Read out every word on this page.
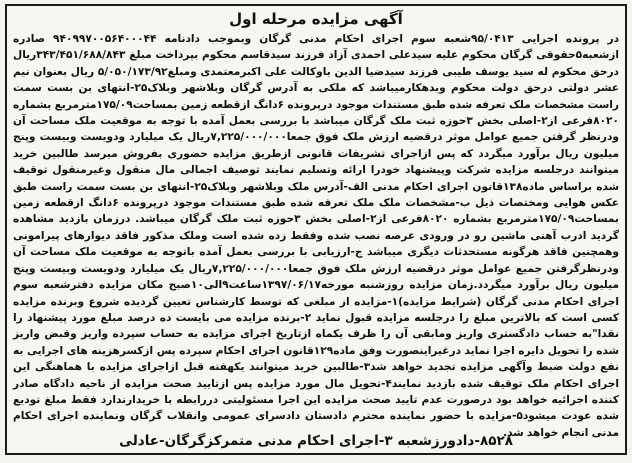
آگهی مزایده مرحله اول
در پرونده اجرایی ۹۵/۰۴۱۳شعبه سوم اجرای احکام مدنی گرگان وبموجب دادنامه ۹۴۰۹۹۷۰۰۵۶۴۰۰۰۴۴ صادره ازشعبه۵حقوقی گرگان محکوم علیه سیدعلی احمدی آزاد فرزند سیدقاسم محکوم بپرداخت مبلغ ۳۴۳/۴۵۱/۶۸۸/۸۴۳ریال درحق محکوم له سید یوسف طیبی فرزند سیدضیا الدین باوکالت علی اکبرمعتمدی ومبلغ۵/۰۵۰/۱۷۳/۹۲ ریال بعنوان نیم عشر دولتی درحق دولت محکوم وبدهکارمیباشد که ملکی به آدرس گرگان وبلاشهر وبلاک۲۵-انتهای بن بست سمت راست مشخصات ملک تعرفه شده طبق مستندات موجود درپرونده ۶دانگ ازقطعه زمین بمساحت۱۷۵/۰۹مترمربع بشماره ۸۰۲۰فرعی از۲-اصلی بخش ۳حوزه ثبت ملک گرگان میباشد با بررسی بعمل آمده با توجه به موقعیت ملک مساحت آن ودرنظر گرفتن جمیع عوامل موثر درقضیه ارزش ملک فوق جمعا۷,۲۲۵/۰۰۰/۰۰۰ریال یک میلیارد ودویست وبیست وپنج میلیون ریال برآورد میگردد که پس ازاجرای تشریفات قانونی ازطریق مزایده حضوری بفروش میرسد طالبین خرید میتوانند درجلسه مزایده شرکت وپیشنهاد خودرا ارائه وتسلیم نمایند توصیف اجمالی مال منقول وغیرمنقول توقیف شده براساس ماده۱۳۸قانون اجرای احکام مدنی الف-آدرس ملک وبلاشهر وبلاک۲۵-انتهای بن بست سمت راست طبق عکس هوایی ومختصات ذیل ب-مشخصات ملک ملک تعرفه شده طبق مستندات موجود درپرونده ۶دانگ ازقطعه زمین بمساحت۱۷۵/۰۹مترمربع بشماره ۸۰۲۰فرعی از۲-اصلی بخش ۳حوزه ثبت ملک گرگان میباشد. درزمان بازدید مشاهده گردید ادرب آهنی ماشین رو در ورودی عرصه نصب شده وفقط زده شده است وملک مذکور فاقد دیوارهای پیرامونی وهمچنین فاقد هرگونه مستحدثات دیگری میباشد ج-ارزیابی با بررسی بعمل آمده باتوجه به موقعیت ملک مساحت آن ودرنظرگرفتن جمیع عوامل موثر درقضیه ارزش ملک فوق جمعا۷,۲۲۵/۰۰۰/۰۰۰ریال یک میلیارد ودویست وبیست وپنج میلیون ریال برآورد میگردد.زمان مزایده روزشنبه مورخه۱۳۹۷/۰۶/۱۷ساعت۹الی۱۰صبح مکان مزایده دفترشعبه سوم اجرای احکام مدنی گرگان (شرایط مزایده)۱-مزایده از مبلغی که توسط کارشناس تعیین گردیده شروع وبرنده مزایده کسی است که بالاترین مبلغ را درجلسه مزایده قبول نماید ۲-برنده مزایده می بایست ده درصد مبلغ مورد پیشنهاد را نقدا"به حساب دادگستری واریز ومابقی آن را ظرف یکماه ازتاریخ اجرای مزایده به حساب سپرده واریز وقبض واریز شده را تحویل دایره اجرا نماید درغیراینصورت وفق ماده۱۲۹قانون اجرای احکام سپرده پس ازکسرهزینه های اجرایی به نفع دولت ضبط وآگهی مزایده تجدید خواهد شد۳-طالبین خرید میتوانند یکهفته قبل ازاجرای مزایده با هماهنگی این اجرای احکام ملک توقیف شده بازدید نمایند۴-تحویل مال مورد مزایده پس ازتایید صحت مزایده از ناحیه دادگاه صادر کننده اجرائیه خواهد بود درصورت عدم تایید صحت مزایده این اجرا مسئولیتی دررابطه با خریدارندارد فقط مبلغ تودیع شده عودت میشود۵-مزایده با حضور نماینده محترم دادستان دادسرای عمومی وانقلاب گرگان ونماینده اجرای احکام مدنی انجام خواهد شد.
۸۵۲۸-دادورزشعبه ۳-اجرای احکام مدنی متمرکزگرگان-عادلی
